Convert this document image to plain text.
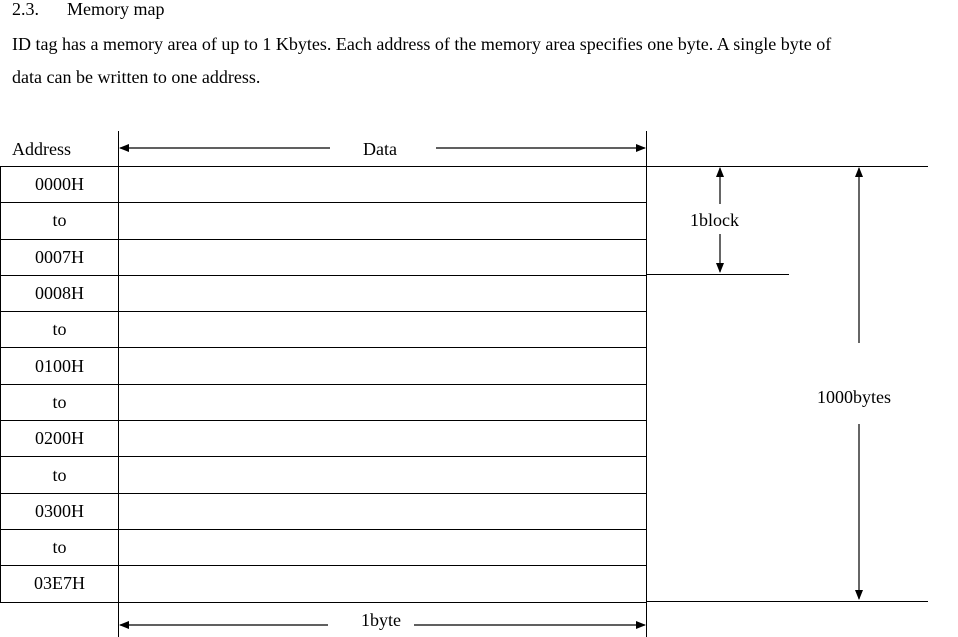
2.3. Memory map
ID tag has a memory area of up to 1 Kbytes. Each address of the memory area specifies one byte. A single byte of
data can be written to one address.
Address	Data
0000H	
to	
0007H	
0008H	
to	
0100H	
to	
0200H	
to	
0300H	
to	
03E7H	
1block
1000bytes
1byte
